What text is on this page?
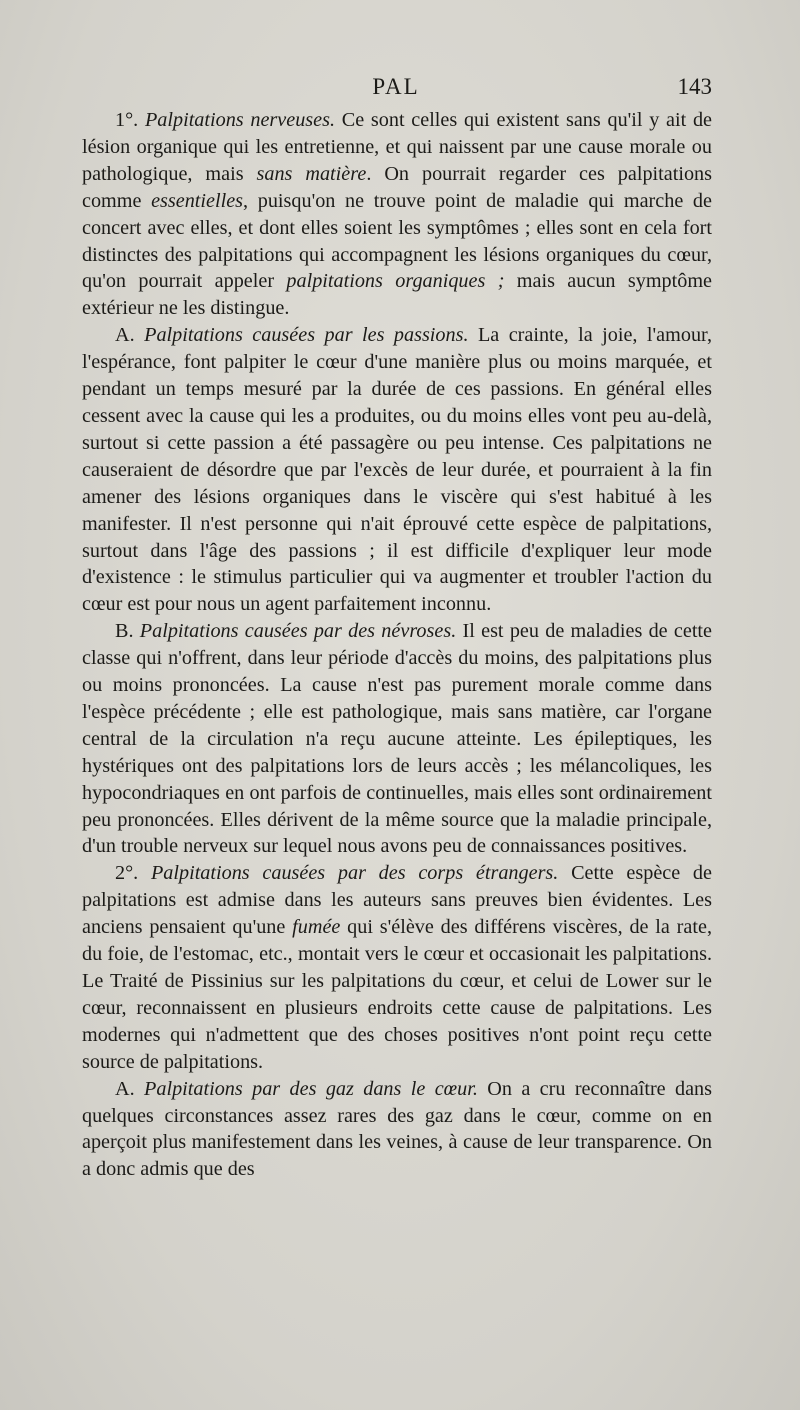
PAL	143

1°. Palpitations nerveuses. Ce sont celles qui existent sans qu'il y ait de lésion organique qui les entretienne, et qui naissent par une cause morale ou pathologique, mais sans matière. On pourrait regarder ces palpitations comme essentielles, puisqu'on ne trouve point de maladie qui marche de concert avec elles, et dont elles soient les symptômes ; elles sont en cela fort distinctes des palpitations qui accompagnent les lésions organiques du cœur, qu'on pourrait appeler palpitations organiques ; mais aucun symptôme extérieur ne les distingue.

A. Palpitations causées par les passions. La crainte, la joie, l'amour, l'espérance, font palpiter le cœur d'une manière plus ou moins marquée, et pendant un temps mesuré par la durée de ces passions. En général elles cessent avec la cause qui les a produites, ou du moins elles vont peu au-delà, surtout si cette passion a été passagère ou peu intense. Ces palpitations ne causeraient de désordre que par l'excès de leur durée, et pourraient à la fin amener des lésions organiques dans le viscère qui s'est habitué à les manifester. Il n'est personne qui n'ait éprouvé cette espèce de palpitations, surtout dans l'âge des passions ; il est difficile d'expliquer leur mode d'existence : le stimulus particulier qui va augmenter et troubler l'action du cœur est pour nous un agent parfaitement inconnu.

B. Palpitations causées par des névroses. Il est peu de maladies de cette classe qui n'offrent, dans leur période d'accès du moins, des palpitations plus ou moins prononcées. La cause n'est pas purement morale comme dans l'espèce précédente ; elle est pathologique, mais sans matière, car l'organe central de la circulation n'a reçu aucune atteinte. Les épileptiques, les hystériques ont des palpitations lors de leurs accès ; les mélancoliques, les hypocondriaques en ont parfois de continuelles, mais elles sont ordinairement peu prononcées. Elles dérivent de la même source que la maladie principale, d'un trouble nerveux sur lequel nous avons peu de connaissances positives.

2°. Palpitations causées par des corps étrangers. Cette espèce de palpitations est admise dans les auteurs sans preuves bien évidentes. Les anciens pensaient qu'une fumée qui s'élève des différens viscères, de la rate, du foie, de l'estomac, etc., montait vers le cœur et occasionait les palpitations. Le Traité de Pissinius sur les palpitations du cœur, et celui de Lower sur le cœur, reconnaissent en plusieurs endroits cette cause de palpitations. Les modernes qui n'admettent que des choses positives n'ont point reçu cette source de palpitations.

A. Palpitations par des gaz dans le cœur. On a cru reconnaître dans quelques circonstances assez rares des gaz dans le cœur, comme on en aperçoit plus manifestement dans les veines, à cause de leur transparence. On a donc admis que des
